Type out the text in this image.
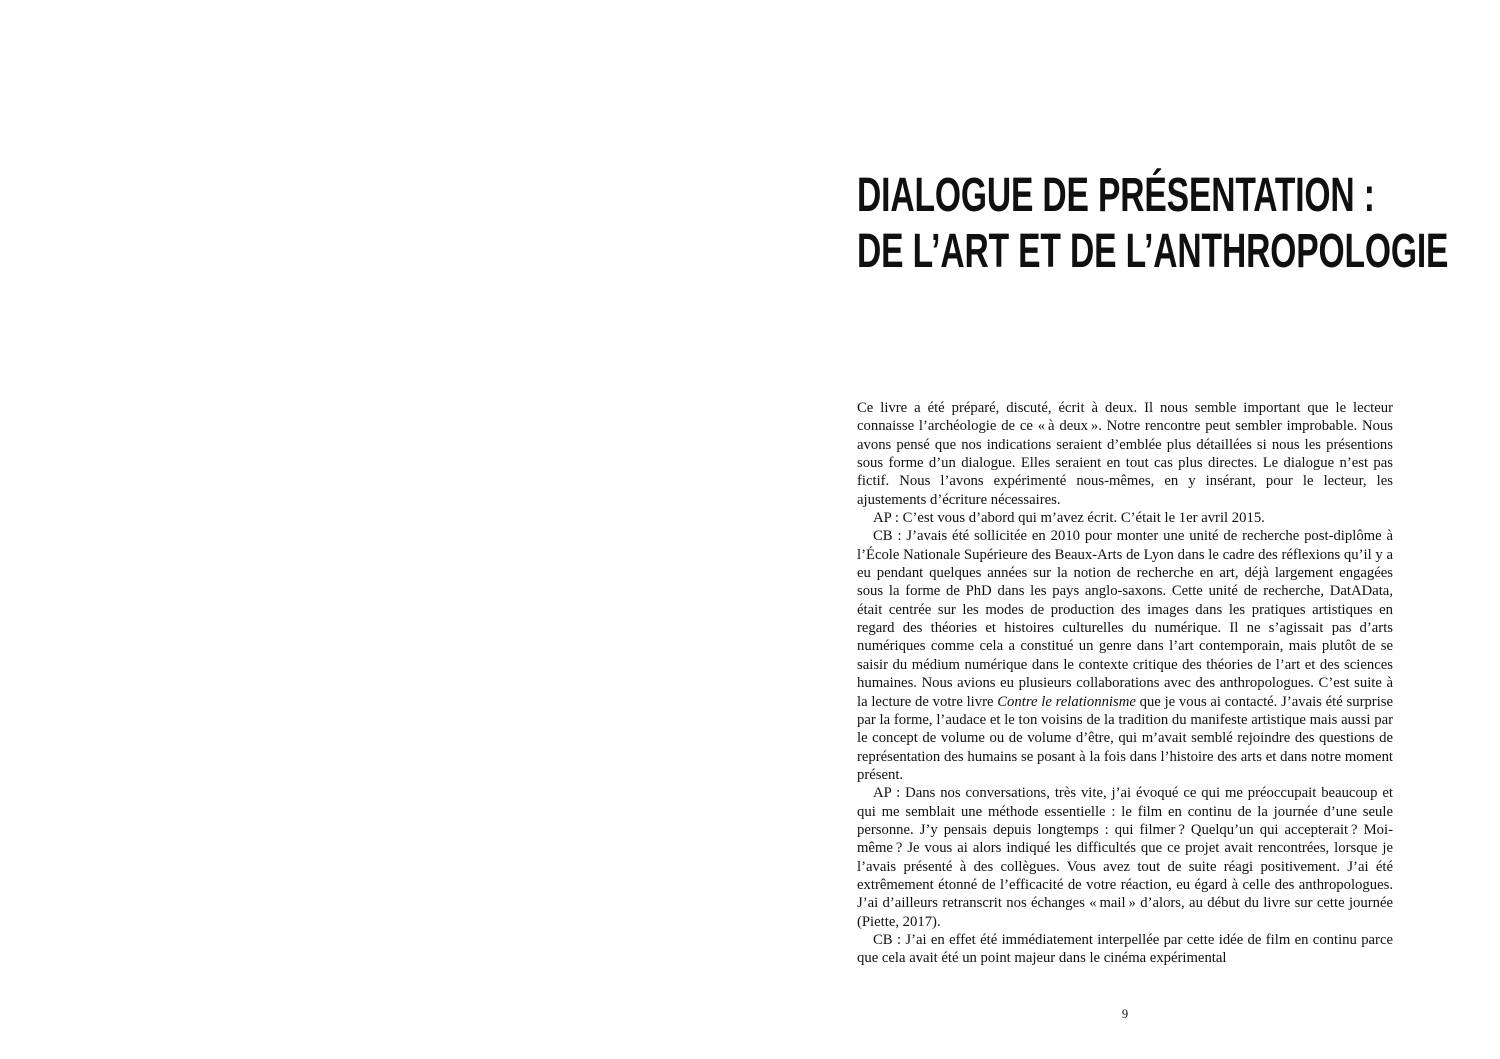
DIALOGUE DE PRÉSENTATION :
DE L’ART ET DE L’ANTHROPOLOGIE

Ce livre a été préparé, discuté, écrit à deux. Il nous semble important que le lecteur connaisse l’archéologie de ce « à deux ». Notre rencontre peut sembler improbable. Nous avons pensé que nos indications seraient d’emblée plus détaillées si nous les présentions sous forme d’un dialogue. Elles seraient en tout cas plus directes. Le dialogue n’est pas fictif. Nous l’avons expérimenté nous-mêmes, en y insérant, pour le lecteur, les ajustements d’écriture nécessaires.

AP : C’est vous d’abord qui m’avez écrit. C’était le 1er avril 2015.

CB : J’avais été sollicitée en 2010 pour monter une unité de recherche post-diplôme à l’École Nationale Supérieure des Beaux-Arts de Lyon dans le cadre des réflexions qu’il y a eu pendant quelques années sur la notion de recherche en art, déjà largement engagées sous la forme de PhD dans les pays anglo-saxons. Cette unité de recherche, DatAData, était centrée sur les modes de production des images dans les pratiques artistiques en regard des théories et histoires culturelles du numérique. Il ne s’agissait pas d’arts numériques comme cela a constitué un genre dans l’art contemporain, mais plutôt de se saisir du médium numérique dans le contexte critique des théories de l’art et des sciences humaines. Nous avions eu plusieurs collaborations avec des anthropologues. C’est suite à la lecture de votre livre Contre le relationnisme que je vous ai contacté. J’avais été surprise par la forme, l’audace et le ton voisins de la tradition du manifeste artistique mais aussi par le concept de volume ou de volume d’être, qui m’avait semblé rejoindre des questions de représentation des humains se posant à la fois dans l’histoire des arts et dans notre moment présent.

AP : Dans nos conversations, très vite, j’ai évoqué ce qui me préoccupait beaucoup et qui me semblait une méthode essentielle : le film en continu de la journée d’une seule personne. J’y pensais depuis longtemps : qui filmer ? Quelqu’un qui accepterait ? Moi-même ? Je vous ai alors indiqué les difficultés que ce projet avait rencontrées, lorsque je l’avais présenté à des collègues. Vous avez tout de suite réagi positivement. J’ai été extrêmement étonné de l’efficacité de votre réaction, eu égard à celle des anthropologues. J’ai d’ailleurs retranscrit nos échanges « mail » d’alors, au début du livre sur cette journée (Piette, 2017).

CB : J’ai en effet été immédiatement interpellée par cette idée de film en continu parce que cela avait été un point majeur dans le cinéma expérimental

9
